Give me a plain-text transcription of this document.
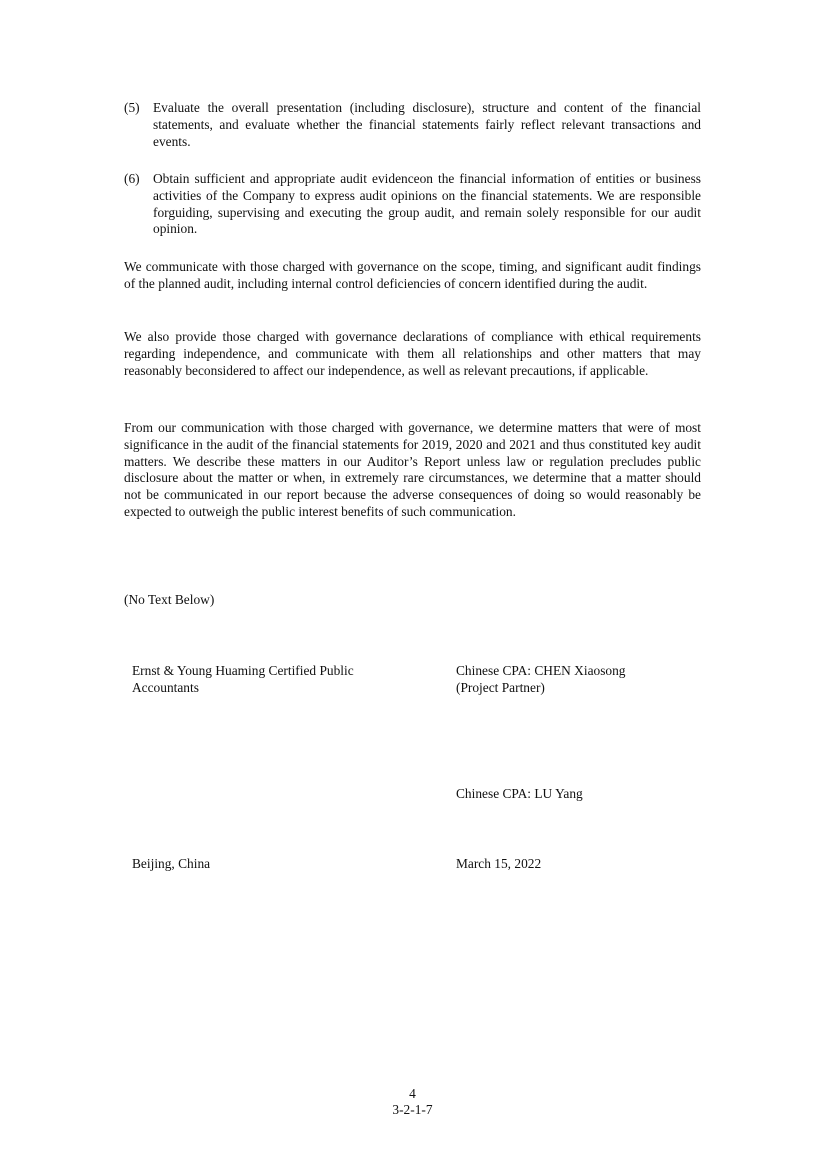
(5) Evaluate the overall presentation (including disclosure), structure and content of the financial statements, and evaluate whether the financial statements fairly reflect relevant transactions and events.
(6) Obtain sufficient and appropriate audit evidenceon the financial information of entities or business activities of the Company to express audit opinions on the financial statements. We are responsible forguiding, supervising and executing the group audit, and remain solely responsible for our audit opinion.

We communicate with those charged with governance on the scope, timing, and significant audit findings of the planned audit, including internal control deficiencies of concern identified during the audit.

We also provide those charged with governance declarations of compliance with ethical requirements regarding independence, and communicate with them all relationships and other matters that may reasonably beconsidered to affect our independence, as well as relevant precautions, if applicable.

From our communication with those charged with governance, we determine matters that were of most significance in the audit of the financial statements for 2019, 2020 and 2021 and thus constituted key audit matters. We describe these matters in our Auditor’s Report unless law or regulation precludes public disclosure about the matter or when, in extremely rare circumstances, we determine that a matter should not be communicated in our report because the adverse consequences of doing so would reasonably be expected to outweigh the public interest benefits of such communication.

(No Text Below)

Ernst & Young Huaming Certified Public
Accountants
Chinese CPA: CHEN Xiaosong
(Project Partner)
Chinese CPA: LU Yang
Beijing, China	March 15, 2022
4
3-2-1-7
